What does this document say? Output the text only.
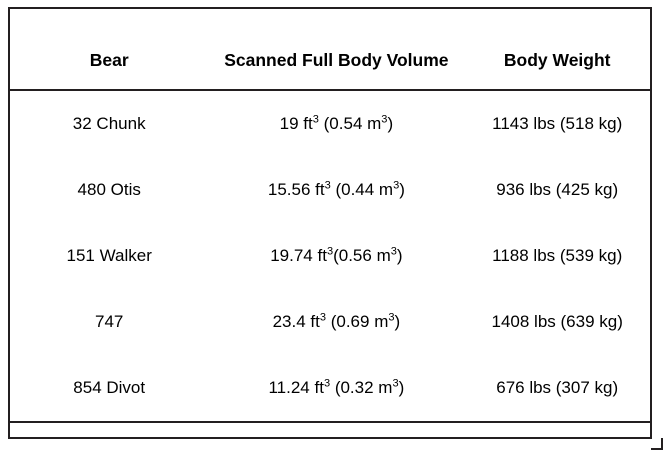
Bear	Scanned Full Body Volume	Body Weight
32 Chunk	19 $ft^3$ (0.54 $m^3$)	1143 lbs (518 kg)
480 Otis	15.56 $ft^3$ (0.44 $m^3$)	936 lbs (425 kg)
151 Walker	19.74 $ft^3(0.56$ $m^3$)	1188 lbs (539 kg)
747	23.4 $ft^3$ (0.69 $m^3$)	1408 lbs (639 kg)
854 Divot	11.24 $ft^3$ (0.32 $m^3$)	676 lbs (307 kg)
